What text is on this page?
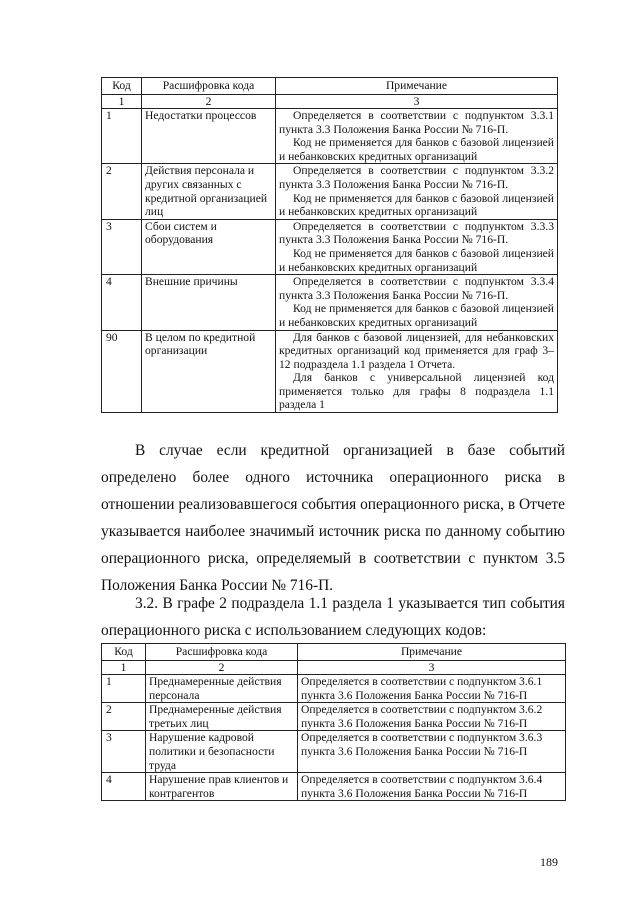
Код	Расшифровка кода	Примечание
1	2	3
1	Недостатки процессов	Определяется в соответствии с подпунктом 3.3.1 пункта 3.3 Положения Банка России № 716-П.

Код не применяется для банков с базовой лицензией и небанковских кредитных организаций

2	Действия персонала и других связанных с кредитной организацией лиц	Определяется в соответствии с подпунктом 3.3.2 пункта 3.3 Положения Банка России № 716-П.

Код не применяется для банков с базовой лицензией и небанковских кредитных организаций

3	Сбои систем и оборудования	Определяется в соответствии с подпунктом 3.3.3 пункта 3.3 Положения Банка России № 716-П.

Код не применяется для банков с базовой лицензией и небанковских кредитных организаций

4	Внешние причины	Определяется в соответствии с подпунктом 3.3.4 пункта 3.3 Положения Банка России № 716-П.

Код не применяется для банков с базовой лицензией и небанковских кредитных организаций

90	В целом по кредитной организации	Для банков с базовой лицензией, для небанковских кредитных организаций код применяется для граф 3–12 подраздела 1.1 раздела 1 Отчета.

Для банков с универсальной лицензией код применяется только для графы 8 подраздела 1.1 раздела 1

В случае если кредитной организацией в базе событий определено более одного источника операционного риска в отношении реализовавшегося события операционного риска, в Отчете указывается наиболее значимый источник риска по данному событию операционного риска, определяемый в соответствии с пунктом 3.5 Положения Банка России № 716-П.

3.2. В графе 2 подраздела 1.1 раздела 1 указывается тип события операционного риска с использованием следующих кодов:

Код	Расшифровка кода	Примечание
1	2	3
1	Преднамеренные действия персонала	Определяется в соответствии с подпунктом 3.6.1 пункта 3.6 Положения Банка России № 716-П
2	Преднамеренные действия третьих лиц	Определяется в соответствии с подпунктом 3.6.2 пункта 3.6 Положения Банка России № 716-П
3	Нарушение кадровой политики и безопасности труда	Определяется в соответствии с подпунктом 3.6.3 пункта 3.6 Положения Банка России № 716-П
4	Нарушение прав клиентов и контрагентов	Определяется в соответствии с подпунктом 3.6.4 пункта 3.6 Положения Банка России № 716-П
189
